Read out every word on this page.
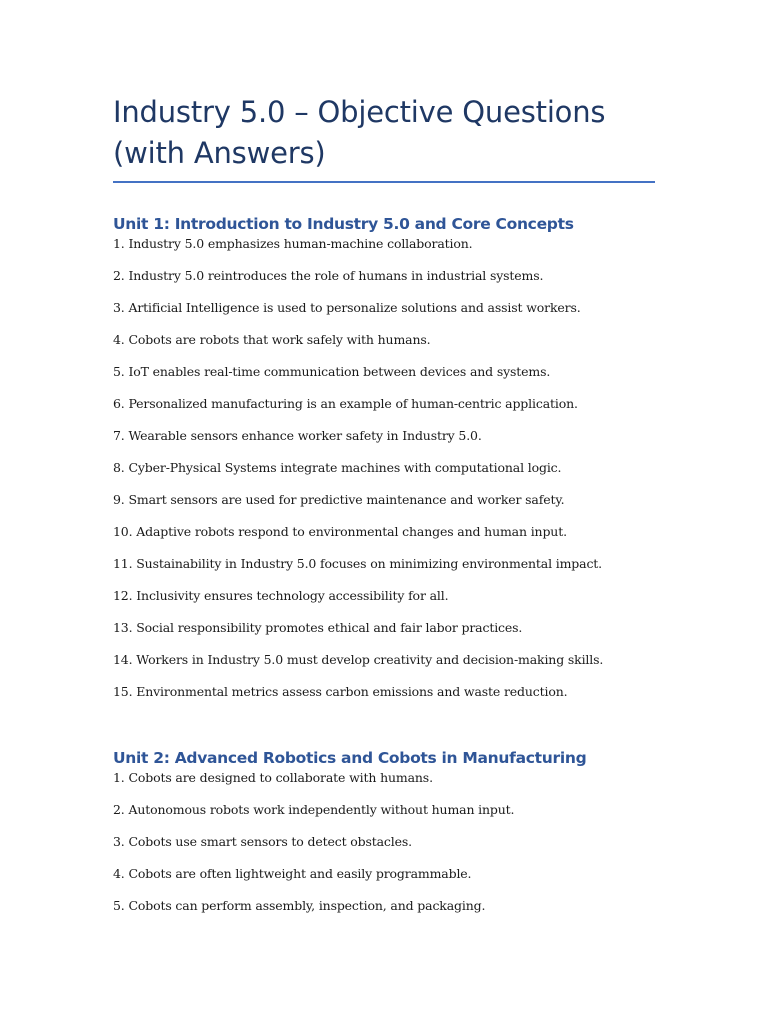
Industry 5.0 – Objective Questions
(with Answers)
Unit 1: Introduction to Industry 5.0 and Core Concepts
1. Industry 5.0 emphasizes human-machine collaboration.
2. Industry 5.0 reintroduces the role of humans in industrial systems.
3. Artificial Intelligence is used to personalize solutions and assist workers.
4. Cobots are robots that work safely with humans.
5. IoT enables real-time communication between devices and systems.
6. Personalized manufacturing is an example of human-centric application.
7. Wearable sensors enhance worker safety in Industry 5.0.
8. Cyber-Physical Systems integrate machines with computational logic.
9. Smart sensors are used for predictive maintenance and worker safety.
10. Adaptive robots respond to environmental changes and human input.
11. Sustainability in Industry 5.0 focuses on minimizing environmental impact.
12. Inclusivity ensures technology accessibility for all.
13. Social responsibility promotes ethical and fair labor practices.
14. Workers in Industry 5.0 must develop creativity and decision-making skills.
15. Environmental metrics assess carbon emissions and waste reduction.
Unit 2: Advanced Robotics and Cobots in Manufacturing
1. Cobots are designed to collaborate with humans.
2. Autonomous robots work independently without human input.
3. Cobots use smart sensors to detect obstacles.
4. Cobots are often lightweight and easily programmable.
5. Cobots can perform assembly, inspection, and packaging.
